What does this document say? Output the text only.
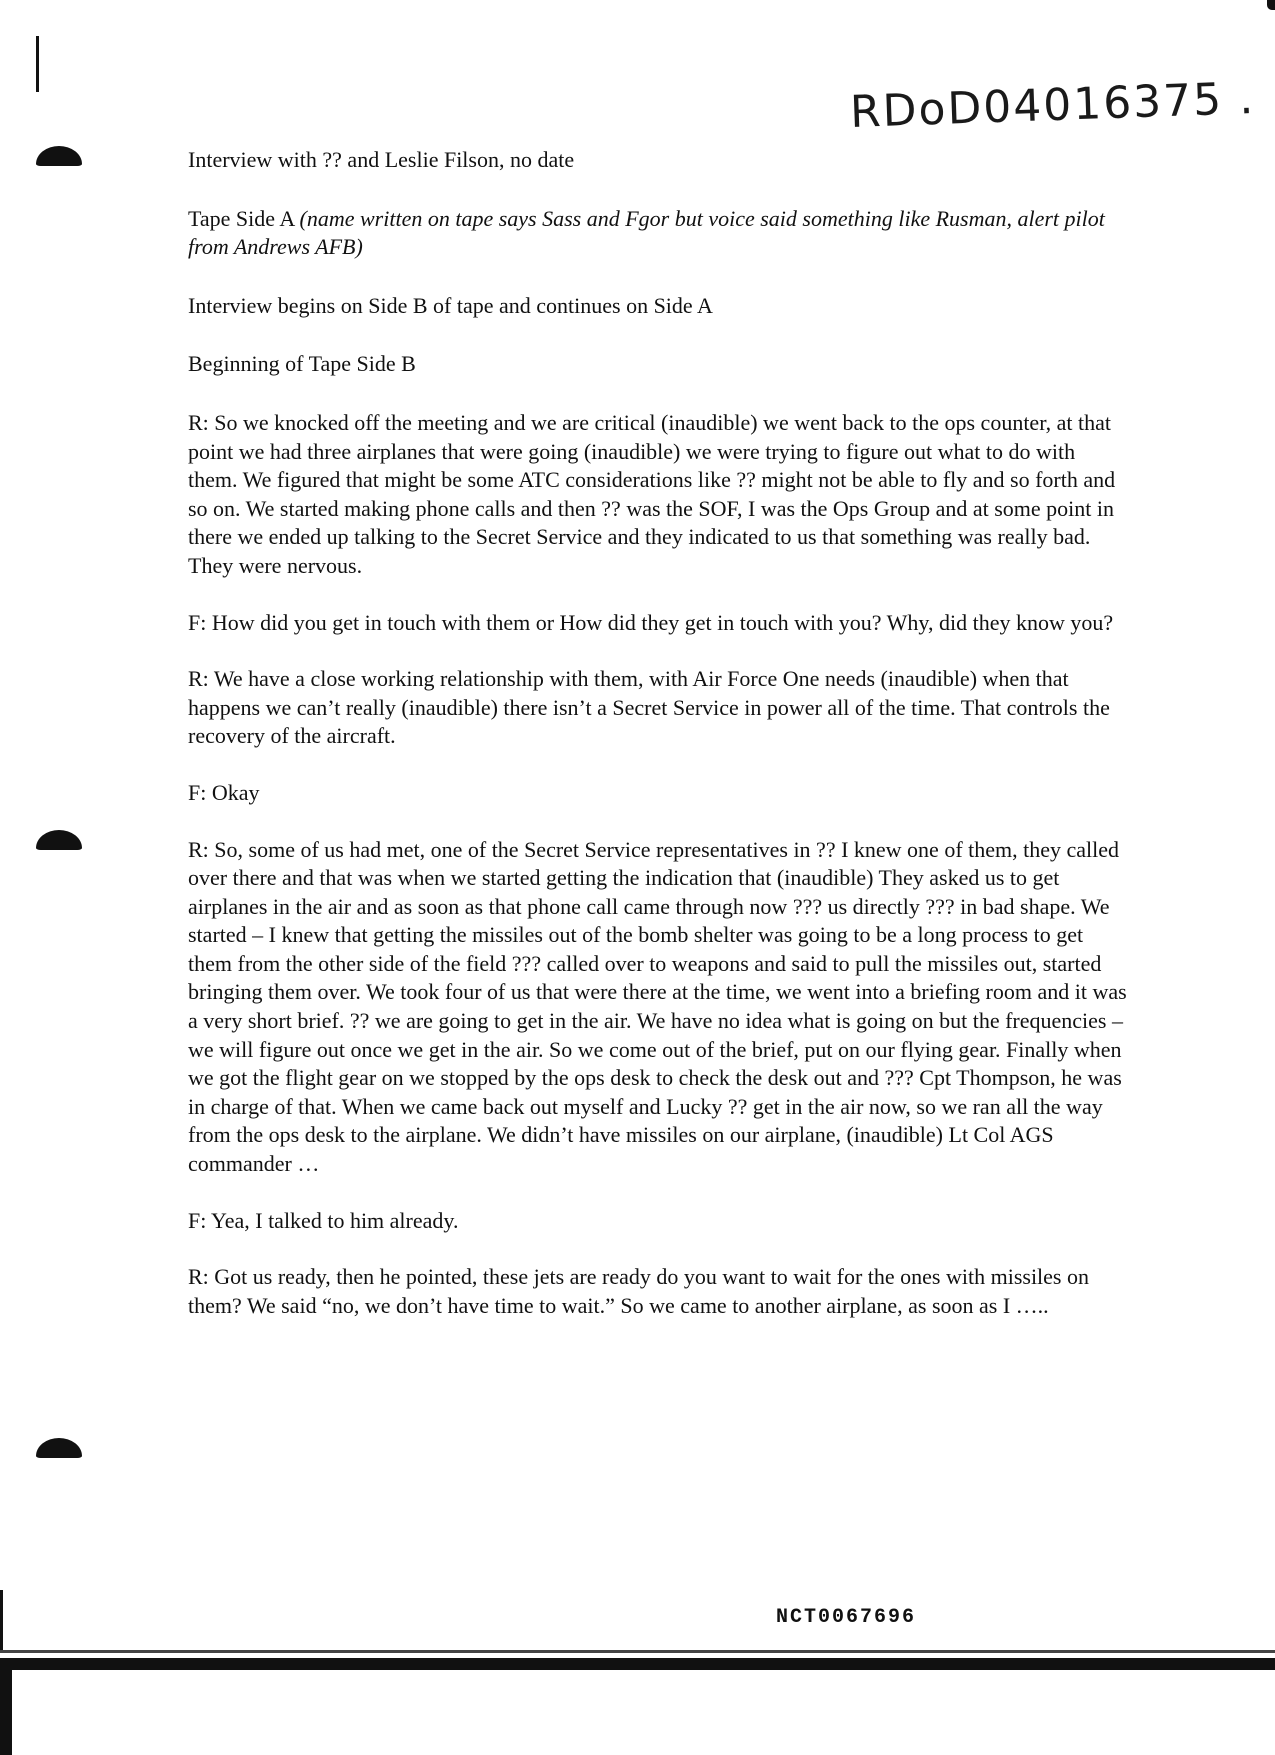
RDoD04016375 .

Interview with ?? and Leslie Filson, no date

Tape Side A (name written on tape says Sass and Fgor but voice said something like Rusman, alert pilot from Andrews AFB)

Interview begins on Side B of tape and continues on Side A

Beginning of Tape Side B

R: So we knocked off the meeting and we are critical (inaudible) we went back to the ops counter, at that point we had three airplanes that were going (inaudible) we were trying to figure out what to do with them. We figured that might be some ATC considerations like ?? might not be able to fly and so forth and so on. We started making phone calls and then ?? was the SOF, I was the Ops Group and at some point in there we ended up talking to the Secret Service and they indicated to us that something was really bad. They were nervous.

F: How did you get in touch with them or How did they get in touch with you? Why, did they know you?

R: We have a close working relationship with them, with Air Force One needs (inaudible) when that happens we can’t really (inaudible) there isn’t a Secret Service in power all of the time. That controls the recovery of the aircraft.

F: Okay

R: So, some of us had met, one of the Secret Service representatives in ?? I knew one of them, they called over there and that was when we started getting the indication that (inaudible) They asked us to get airplanes in the air and as soon as that phone call came through now ??? us directly ??? in bad shape. We started – I knew that getting the missiles out of the bomb shelter was going to be a long process to get them from the other side of the field ??? called over to weapons and said to pull the missiles out, started bringing them over. We took four of us that were there at the time, we went into a briefing room and it was a very short brief. ?? we are going to get in the air. We have no idea what is going on but the frequencies – we will figure out once we get in the air. So we come out of the brief, put on our flying gear. Finally when we got the flight gear on we stopped by the ops desk to check the desk out and ??? Cpt Thompson, he was in charge of that. When we came back out myself and Lucky ?? get in the air now, so we ran all the way from the ops desk to the airplane. We didn’t have missiles on our airplane, (inaudible) Lt Col AGS commander …

F: Yea, I talked to him already.

R: Got us ready, then he pointed, these jets are ready do you want to wait for the ones with missiles on them? We said “no, we don’t have time to wait.” So we came to another airplane, as soon as I …..

NCT0067696
